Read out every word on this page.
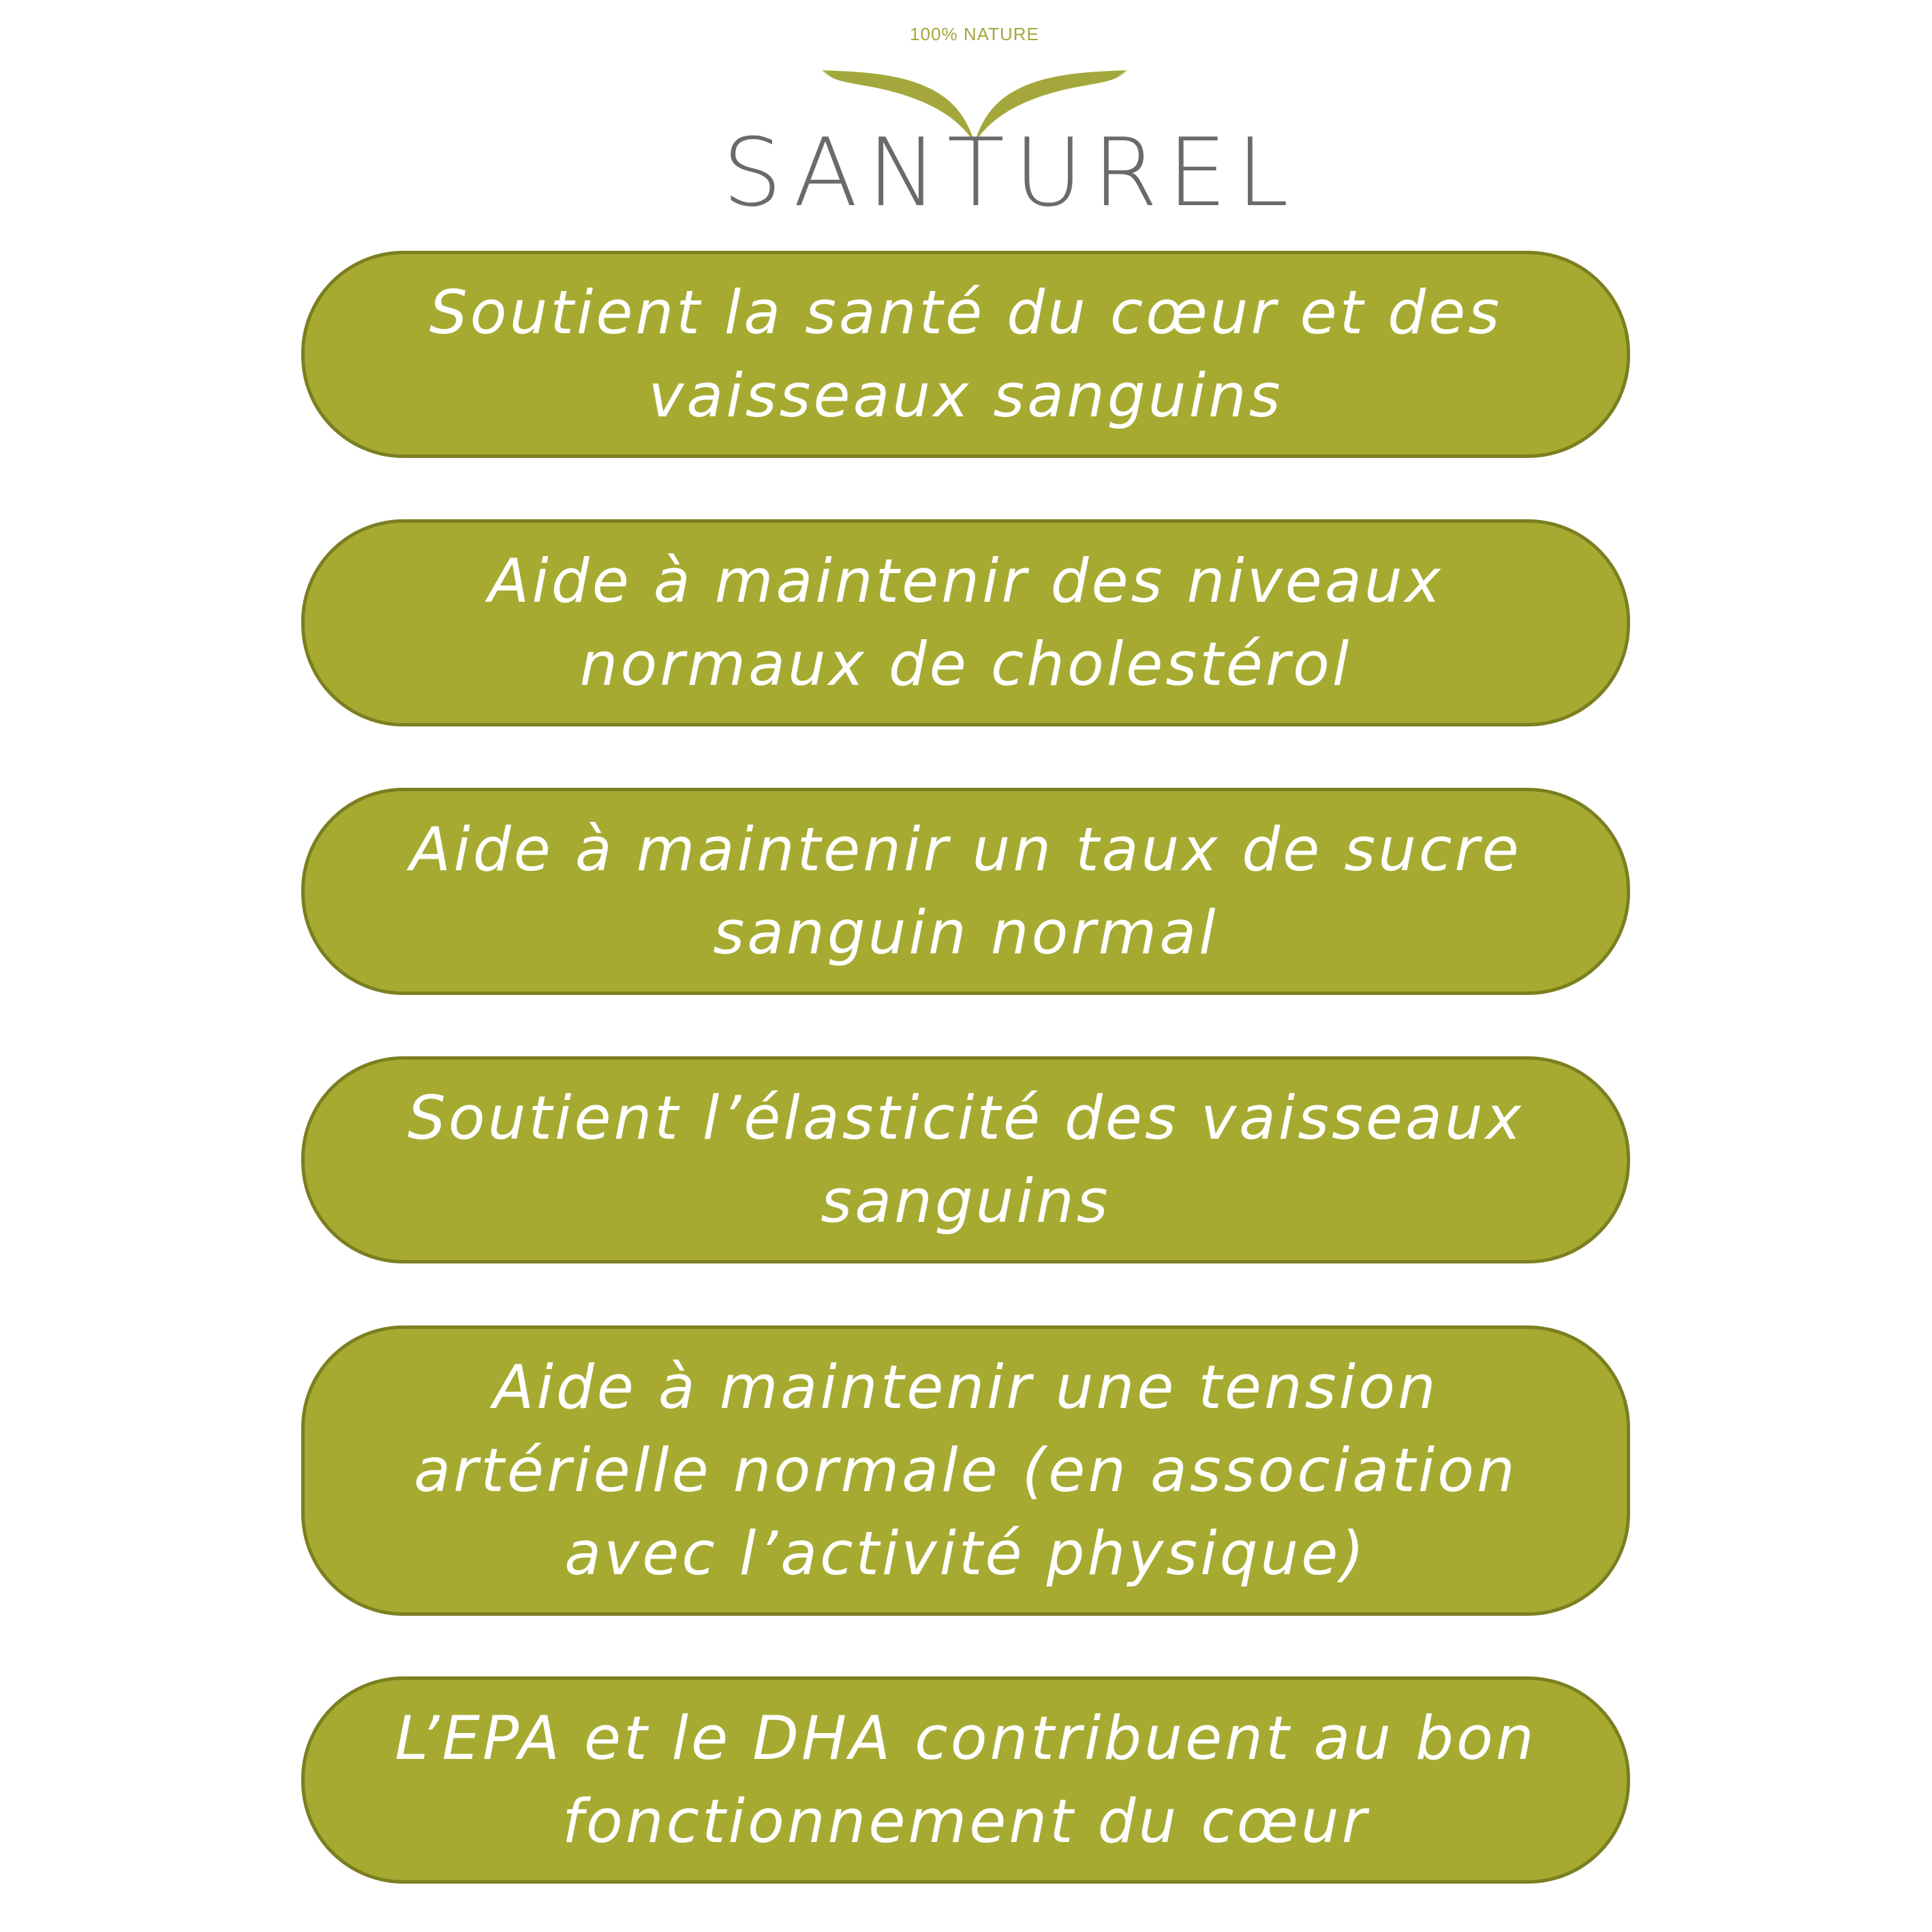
100% NATURE
SANTUREL
Soutient la santé du cœur et des vaisseaux sanguins
Aide à maintenir des niveaux normaux de cholestérol
Aide à maintenir un taux de sucre sanguin normal
Soutient l’élasticité des vaisseaux sanguins
Aide à maintenir une tension artérielle normale (en association avec l’activité physique)
L’EPA et le DHA contribuent au bon fonctionnement du cœur
